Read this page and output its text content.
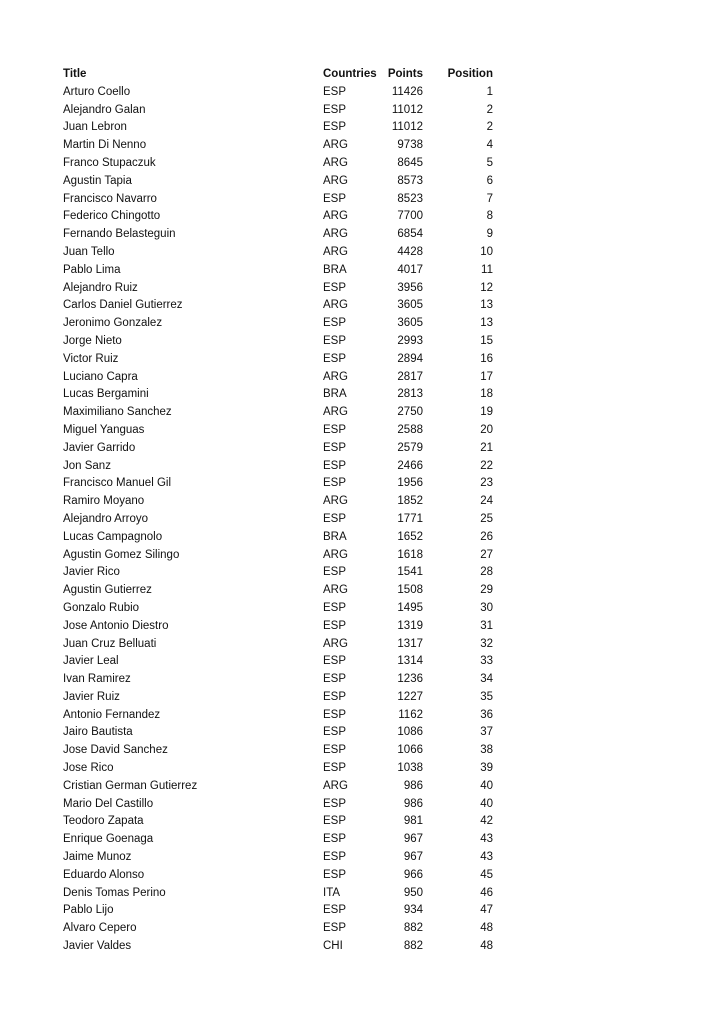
Title	Countries	Points	Position
Arturo Coello	ESP	11426	1
Alejandro Galan	ESP	11012	2
Juan Lebron	ESP	11012	2
Martin Di Nenno	ARG	9738	4
Franco Stupaczuk	ARG	8645	5
Agustin Tapia	ARG	8573	6
Francisco Navarro	ESP	8523	7
Federico Chingotto	ARG	7700	8
Fernando Belasteguin	ARG	6854	9
Juan Tello	ARG	4428	10
Pablo Lima	BRA	4017	11
Alejandro Ruiz	ESP	3956	12
Carlos Daniel Gutierrez	ARG	3605	13
Jeronimo Gonzalez	ESP	3605	13
Jorge Nieto	ESP	2993	15
Victor Ruiz	ESP	2894	16
Luciano Capra	ARG	2817	17
Lucas Bergamini	BRA	2813	18
Maximiliano Sanchez	ARG	2750	19
Miguel Yanguas	ESP	2588	20
Javier Garrido	ESP	2579	21
Jon Sanz	ESP	2466	22
Francisco Manuel Gil	ESP	1956	23
Ramiro Moyano	ARG	1852	24
Alejandro Arroyo	ESP	1771	25
Lucas Campagnolo	BRA	1652	26
Agustin Gomez Silingo	ARG	1618	27
Javier Rico	ESP	1541	28
Agustin Gutierrez	ARG	1508	29
Gonzalo Rubio	ESP	1495	30
Jose Antonio Diestro	ESP	1319	31
Juan Cruz Belluati	ARG	1317	32
Javier Leal	ESP	1314	33
Ivan Ramirez	ESP	1236	34
Javier Ruiz	ESP	1227	35
Antonio Fernandez	ESP	1162	36
Jairo Bautista	ESP	1086	37
Jose David Sanchez	ESP	1066	38
Jose Rico	ESP	1038	39
Cristian German Gutierrez	ARG	986	40
Mario Del Castillo	ESP	986	40
Teodoro Zapata	ESP	981	42
Enrique Goenaga	ESP	967	43
Jaime Munoz	ESP	967	43
Eduardo Alonso	ESP	966	45
Denis Tomas Perino	ITA	950	46
Pablo Lijo	ESP	934	47
Alvaro Cepero	ESP	882	48
Javier Valdes	CHI	882	48
